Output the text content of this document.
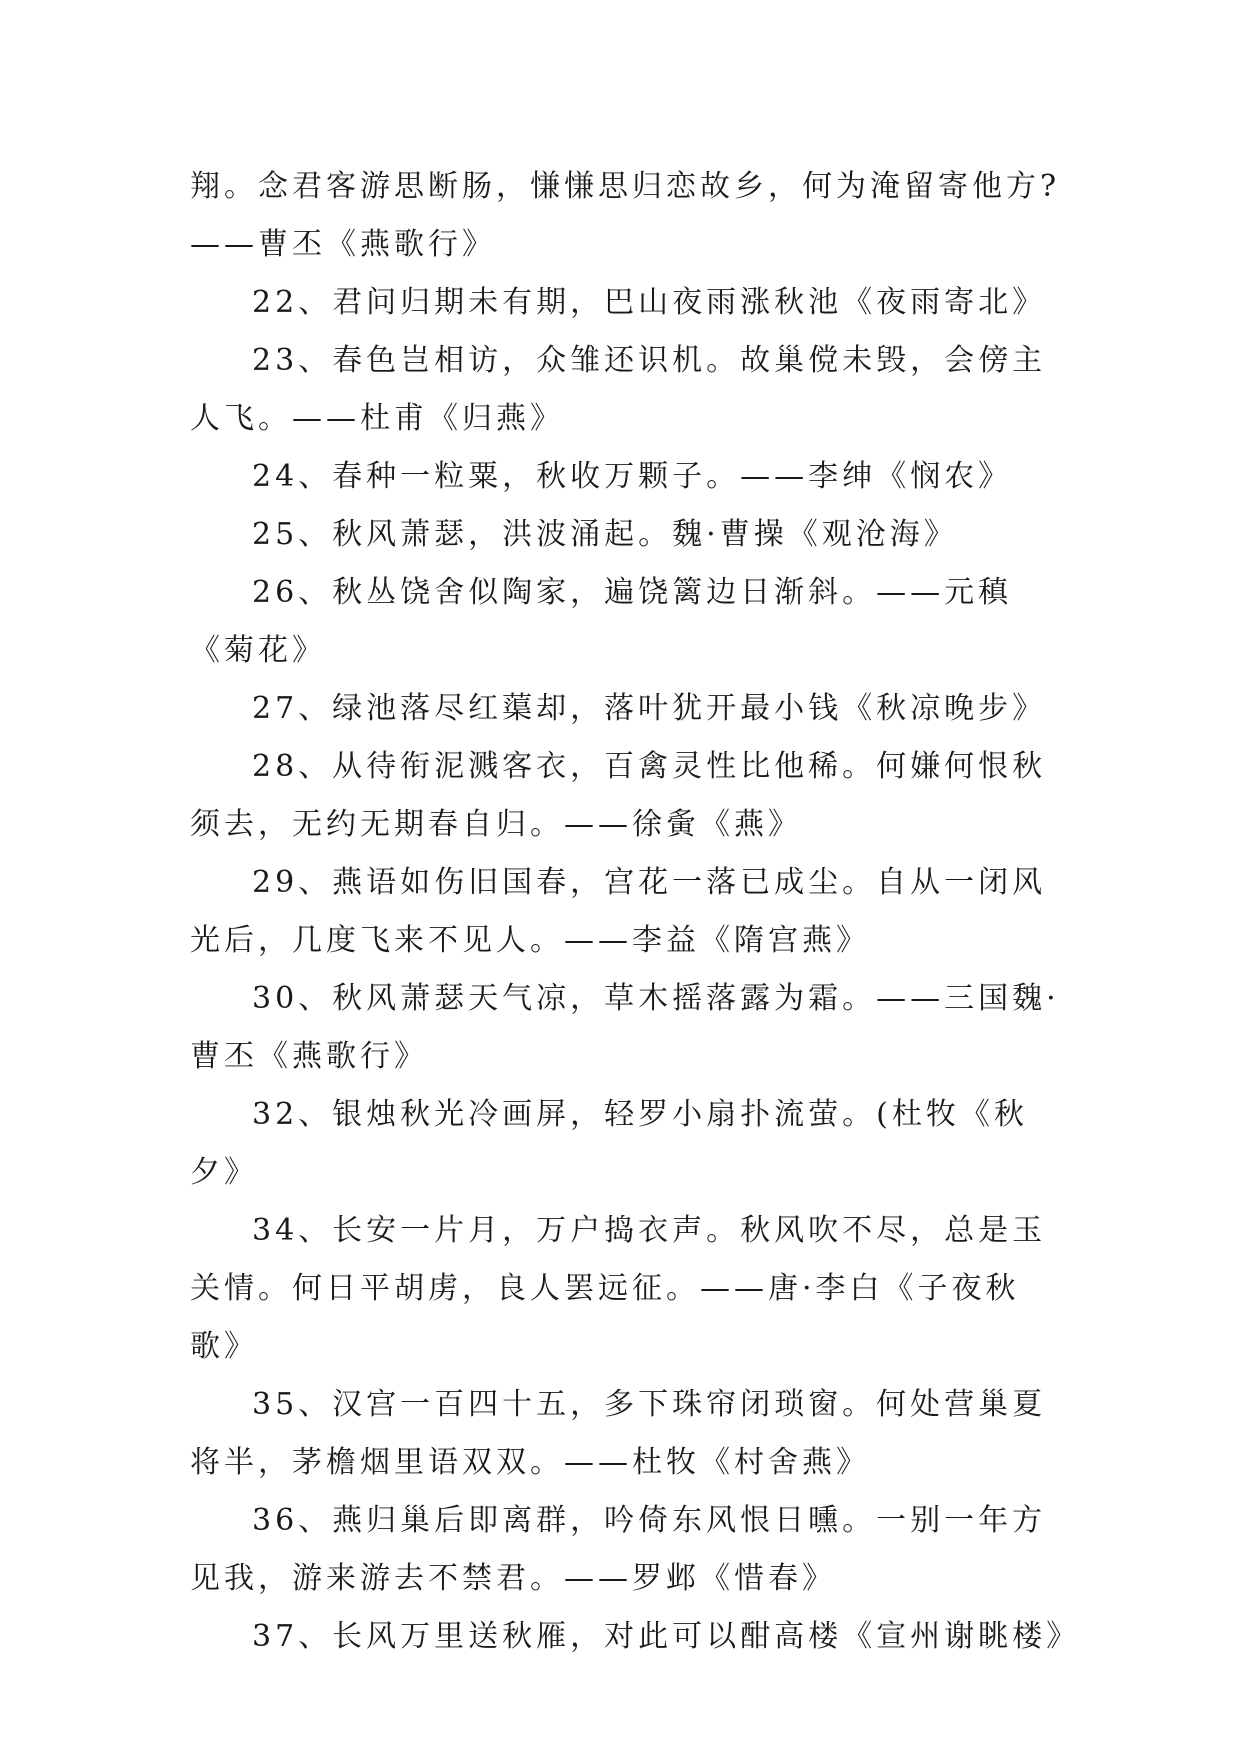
翔。念君客游思断肠，慊慊思归恋故乡，何为淹留寄他方?——曹丕《燕歌行》

22、君问归期未有期，巴山夜雨涨秋池《夜雨寄北》

23、春色岂相访，众雏还识机。故巢傥未毁，会傍主人飞。——杜甫《归燕》

24、春种一粒粟，秋收万颗子。——李绅《悯农》

25、秋风萧瑟，洪波涌起。魏·曹操《观沧海》

26、秋丛饶舍似陶家，遍饶篱边日渐斜。——元稹《菊花》

27、绿池落尽红蕖却，落叶犹开最小钱《秋凉晚步》

28、从待衔泥溅客衣，百禽灵性比他稀。何嫌何恨秋须去，无约无期春自归。——徐夤《燕》

29、燕语如伤旧国春，宫花一落已成尘。自从一闭风光后，几度飞来不见人。——李益《隋宫燕》

30、秋风萧瑟天气凉，草木摇落露为霜。——三国魏·曹丕《燕歌行》

32、银烛秋光冷画屏，轻罗小扇扑流萤。(杜牧《秋夕》

34、长安一片月，万户捣衣声。秋风吹不尽，总是玉关情。何日平胡虏，良人罢远征。——唐·李白《子夜秋歌》

35、汉宫一百四十五，多下珠帘闭琐窗。何处营巢夏将半，茅檐烟里语双双。——杜牧《村舍燕》

36、燕归巢后即离群，吟倚东风恨日曛。一别一年方见我，游来游去不禁君。——罗邺《惜春》

37、长风万里送秋雁，对此可以酣高楼《宣州谢眺楼》
